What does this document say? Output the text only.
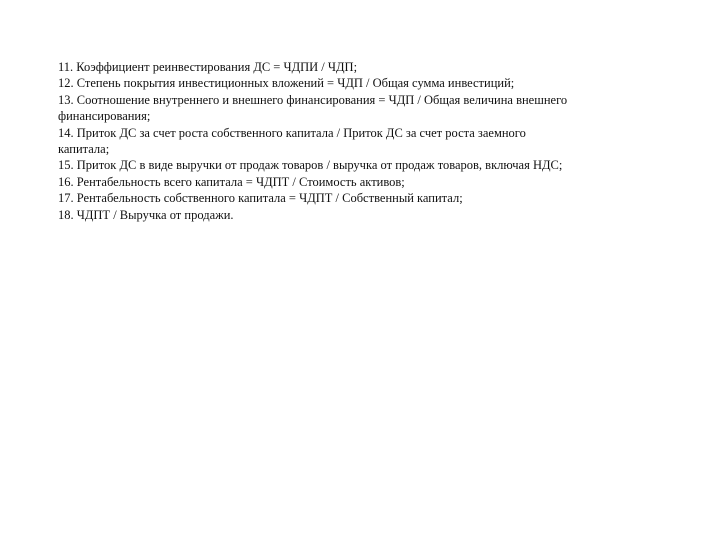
11. Коэффициент реинвестирования ДС = ЧДПИ / ЧДП;
12. Степень покрытия инвестиционных вложений = ЧДП / Общая сумма инвестиций;
13. Соотношение внутреннего и внешнего финансирования = ЧДП / Общая величина внешнего
финансирования;
14. Приток ДС за счет роста собственного капитала / Приток ДС за счет роста заемного
капитала;
15. Приток ДС в виде выручки от продаж товаров / выручка от продаж товаров, включая НДС;
16. Рентабельность всего капитала = ЧДПТ / Стоимость активов;
17. Рентабельность собственного капитала = ЧДПТ / Собственный капитал;
18. ЧДПТ / Выручка от продажи.
